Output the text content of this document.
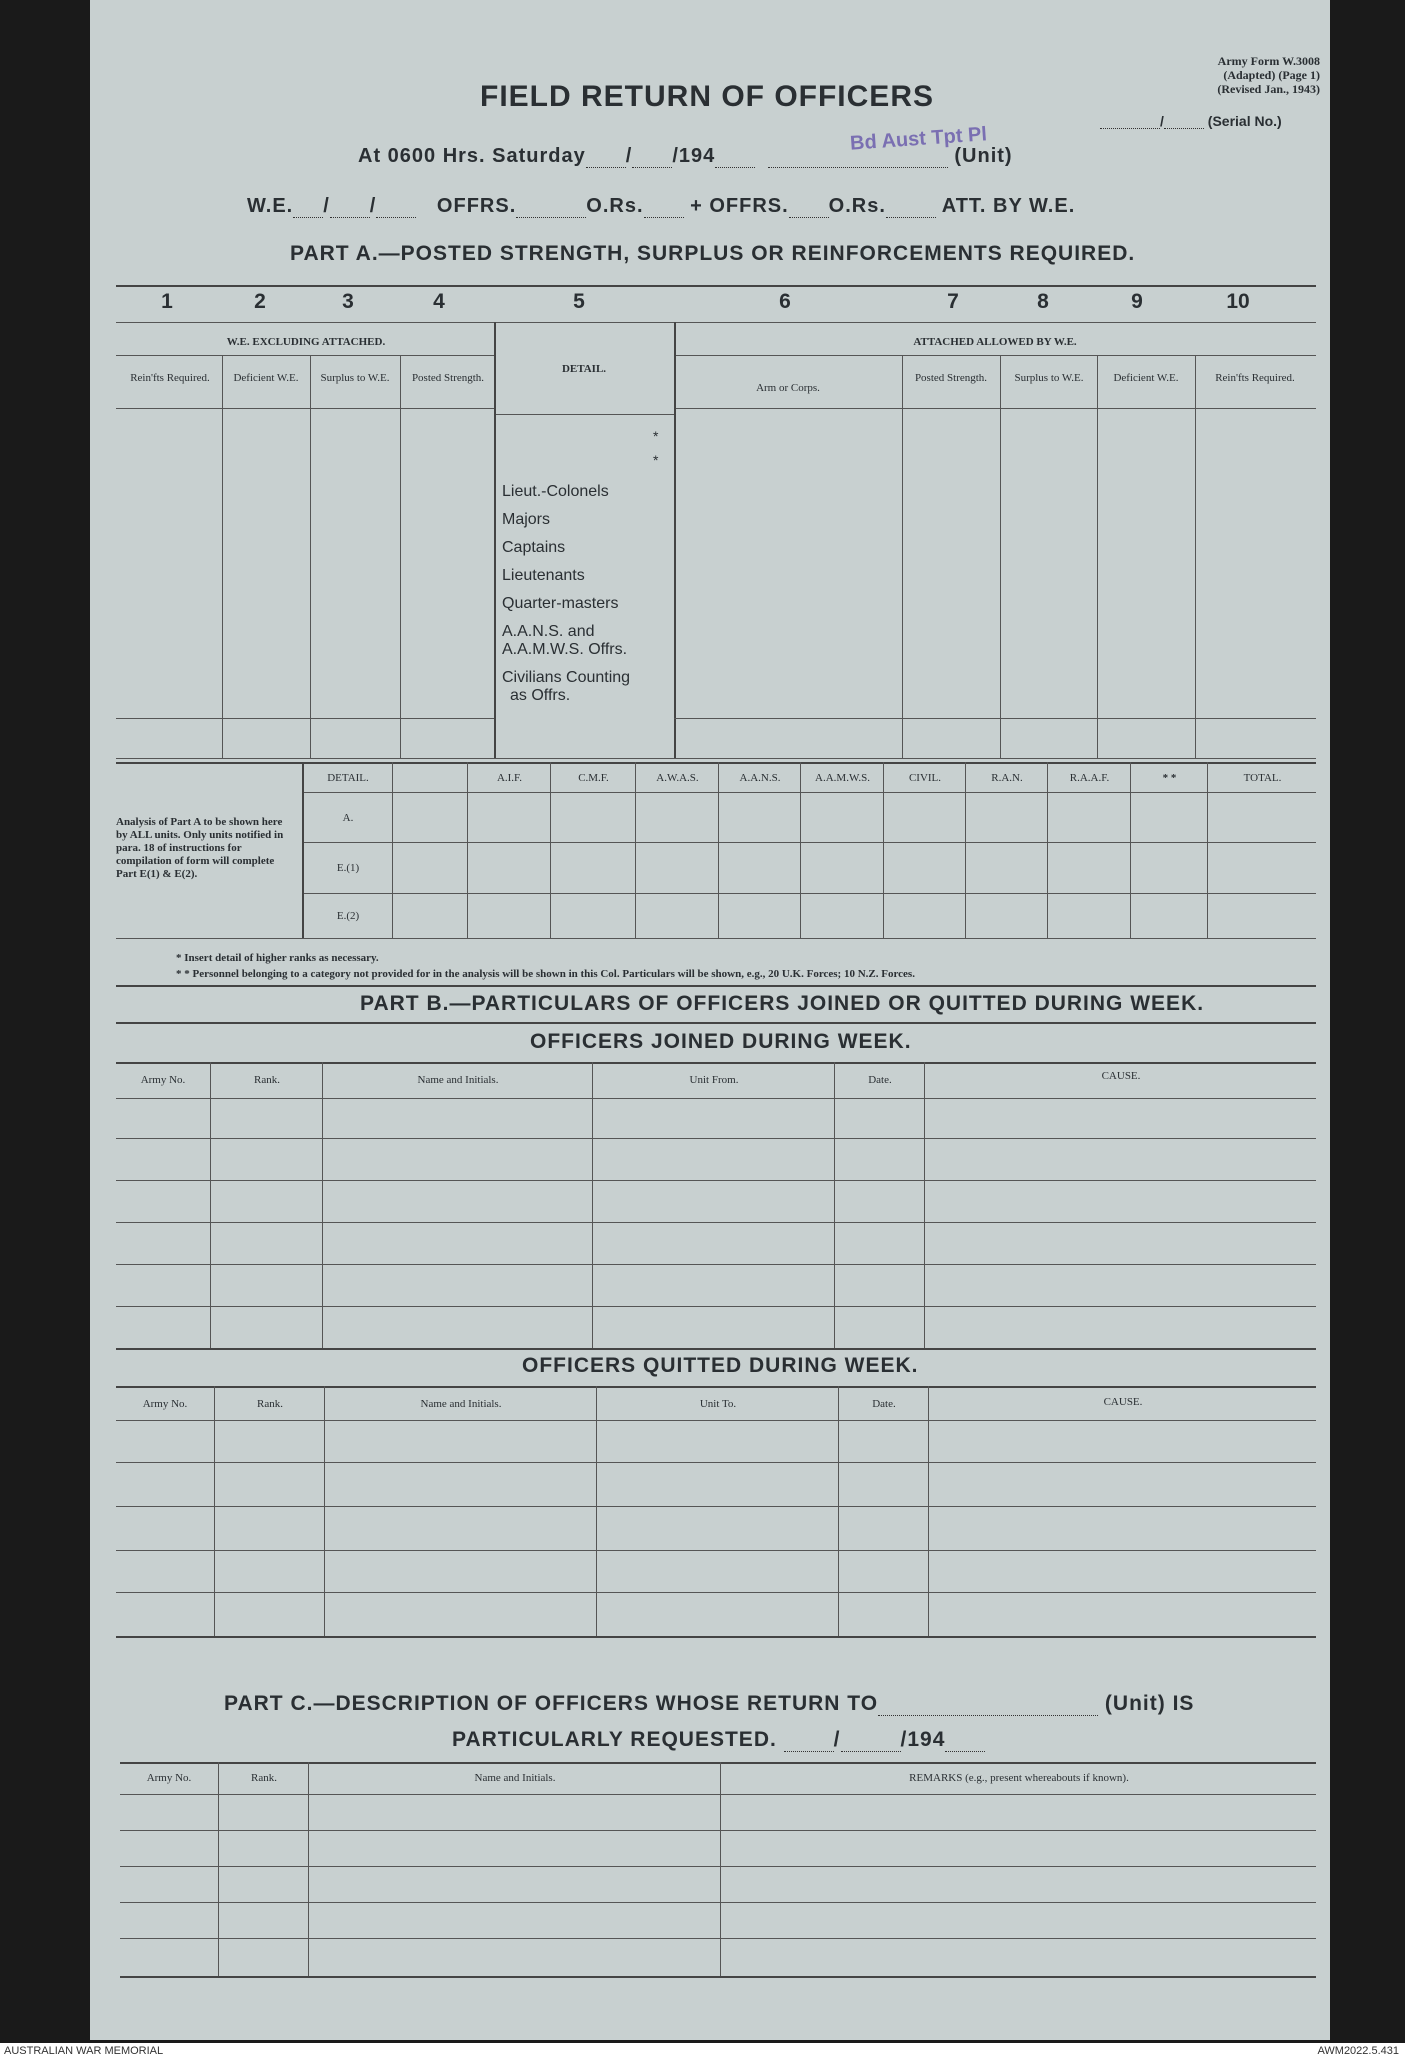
Army Form W.3008
(Adapted) (Page 1)
(Revised Jan., 1943)
/	(Serial No.)
FIELD RETURN OF OFFICERS
At 0600 Hrs. Saturday / /194	(Unit)
Bd Aust Tpt Pl
W.E. / /	OFFRS.	O.Rs. + OFFRS. O.Rs.	ATT. BY W.E.
PART A.—POSTED STRENGTH, SURPLUS OR REINFORCEMENTS REQUIRED.
1	2	3	4	5	6	7	8	9	10
W.E. EXCLUDING ATTACHED.	ATTACHED ALLOWED BY W.E.
Rein'fts Required.	Deficient W.E.	Surplus to W.E.	Posted Strength.
DETAIL.
Arm or Corps.
Posted Strength.	Surplus to W.E.	Deficient W.E.	Rein'fts Required.
*
*
Lieut.-Colonels
Majors
Captains
Lieutenants
Quarter-masters
A.A.N.S. and
A.A.M.W.S. Offrs.
Civilians Counting
as Offrs.
Analysis of Part A to be shown here by ALL units. Only units notified in para. 18 of instructions for compilation of form will complete Part E(1) & E(2).
DETAIL.	A.I.F.	C.M.F.	A.W.A.S.	A.A.N.S.	A.A.M.W.S.	CIVIL.	R.A.N.	R.A.A.F.	* *	TOTAL.
A.
E.(1)
E.(2)
* Insert detail of higher ranks as necessary.
* * Personnel belonging to a category not provided for in the analysis will be shown in this Col. Particulars will be shown, e.g., 20 U.K. Forces; 10 N.Z. Forces.
PART B.—PARTICULARS OF OFFICERS JOINED OR QUITTED DURING WEEK.
OFFICERS JOINED DURING WEEK.
Army No.	Rank.	Name and Initials.	Unit From.	Date.	CAUSE.
OFFICERS QUITTED DURING WEEK.
Army No.	Rank.	Name and Initials.	Unit To.	Date.	CAUSE.
PART C.—DESCRIPTION OF OFFICERS WHOSE RETURN TO	(Unit) IS
PARTICULARLY REQUESTED.	/	/194
Army No.	Rank.	Name and Initials.	REMARKS (e.g., present whereabouts if known).
AUSTRALIAN WAR MEMORIAL	AWM2022.5.431
